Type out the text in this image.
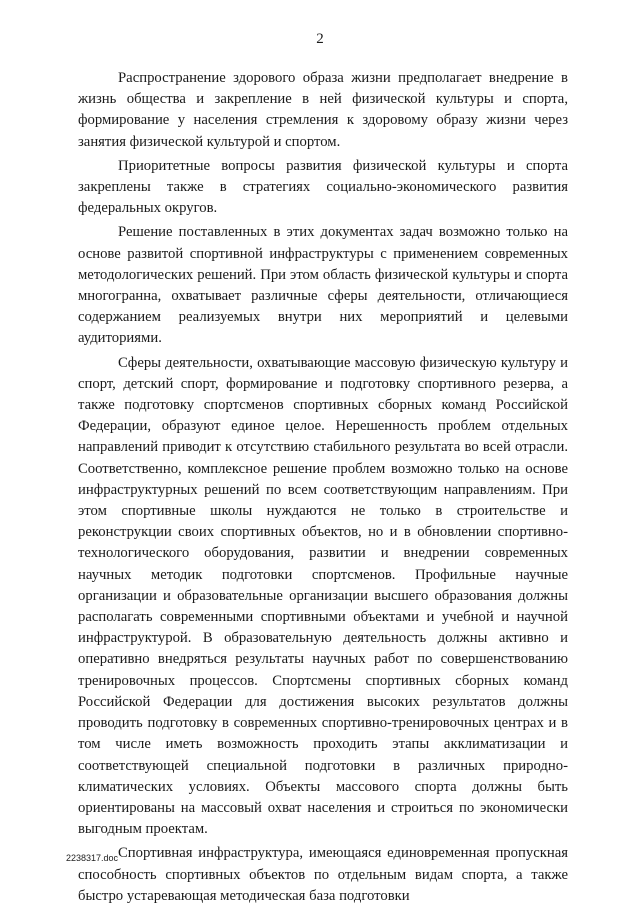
2

Распространение здорового образа жизни предполагает внедрение в жизнь общества и закрепление в ней физической культуры и спорта, формирование у населения стремления к здоровому образу жизни через занятия физической культурой и спортом.

Приоритетные вопросы развития физической культуры и спорта закреплены также в стратегиях социально-экономического развития федеральных округов.

Решение поставленных в этих документах задач возможно только на основе развитой спортивной инфраструктуры с применением современных методологических решений. При этом область физической культуры и спорта многогранна, охватывает различные сферы деятельности, отличающиеся содержанием реализуемых внутри них мероприятий и целевыми аудиториями.

Сферы деятельности, охватывающие массовую физическую культуру и спорт, детский спорт, формирование и подготовку спортивного резерва, а также подготовку спортсменов спортивных сборных команд Российской Федерации, образуют единое целое. Нерешенность проблем отдельных направлений приводит к отсутствию стабильного результата во всей отрасли. Соответственно, комплексное решение проблем возможно только на основе инфраструктурных решений по всем соответствующим направлениям. При этом спортивные школы нуждаются не только в строительстве и реконструкции своих спортивных объектов, но и в обновлении спортивно-технологического оборудования, развитии и внедрении современных научных методик подготовки спортсменов. Профильные научные организации и образовательные организации высшего образования должны располагать современными спортивными объектами и учебной и научной инфраструктурой. В образовательную деятельность должны активно и оперативно внедряться результаты научных работ по совершенствованию тренировочных процессов. Спортсмены спортивных сборных команд Российской Федерации для достижения высоких результатов должны проводить подготовку в современных спортивно-тренировочных центрах и в том числе иметь возможность проходить этапы акклиматизации и соответствующей специальной подготовки в различных природно-климатических условиях. Объекты массового спорта должны быть ориентированы на массовый охват населения и строиться по экономически выгодным проектам.

Спортивная инфраструктура, имеющаяся единовременная пропускная способность спортивных объектов по отдельным видам спорта, а также быстро устаревающая методическая база подготовки

2238317.doc
